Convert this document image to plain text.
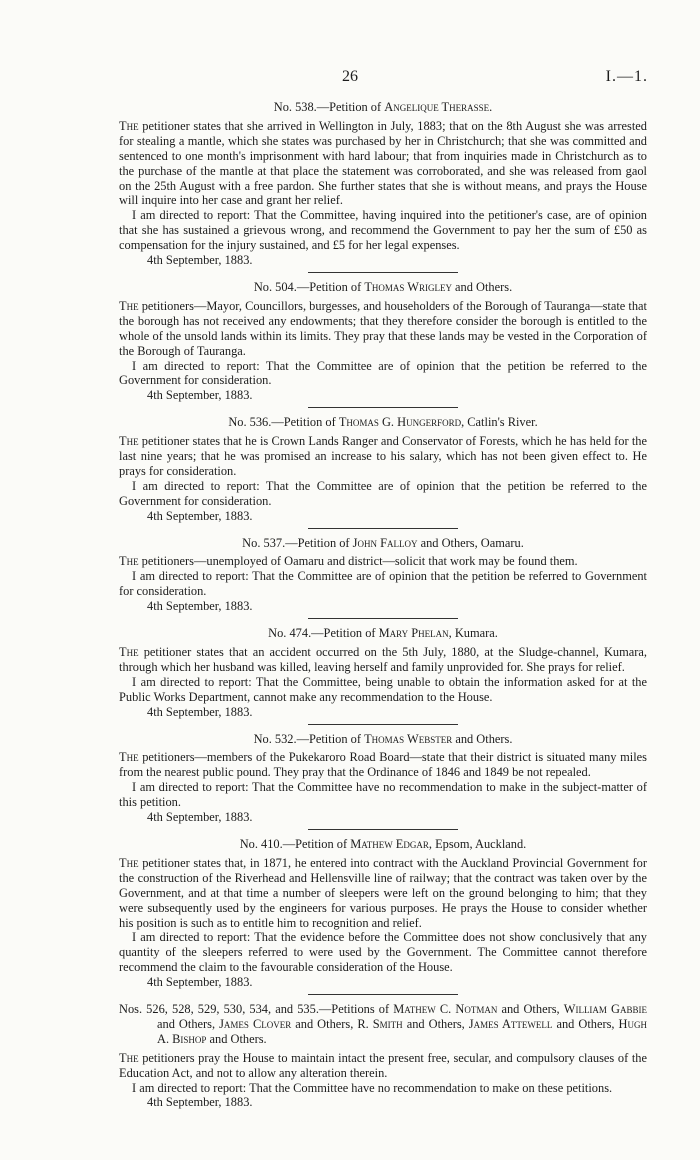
26	I.—1.
No. 538.—Petition of Angelique Therasse.

The petitioner states that she arrived in Wellington in July, 1883; that on the 8th August she was arrested for stealing a mantle, which she states was purchased by her in Christchurch; that she was committed and sentenced to one month's imprisonment with hard labour; that from inquiries made in Christchurch as to the purchase of the mantle at that place the statement was corroborated, and she was released from gaol on the 25th August with a free pardon. She further states that she is without means, and prays the House will inquire into her case and grant her relief.

I am directed to report: That the Committee, having inquired into the petitioner's case, are of opinion that she has sustained a grievous wrong, and recommend the Government to pay her the sum of £50 as compensation for the injury sustained, and £5 for her legal expenses.

4th September, 1883.

No. 504.—Petition of Thomas Wrigley and Others.

The petitioners—Mayor, Councillors, burgesses, and householders of the Borough of Tauranga—state that the borough has not received any endowments; that they therefore consider the borough is entitled to the whole of the unsold lands within its limits. They pray that these lands may be vested in the Corporation of the Borough of Tauranga.

I am directed to report: That the Committee are of opinion that the petition be referred to the Government for consideration.

4th September, 1883.

No. 536.—Petition of Thomas G. Hungerford, Catlin's River.

The petitioner states that he is Crown Lands Ranger and Conservator of Forests, which he has held for the last nine years; that he was promised an increase to his salary, which has not been given effect to. He prays for consideration.

I am directed to report: That the Committee are of opinion that the petition be referred to the Government for consideration.

4th September, 1883.

No. 537.—Petition of John Falloy and Others, Oamaru.

The petitioners—unemployed of Oamaru and district—solicit that work may be found them.

I am directed to report: That the Committee are of opinion that the petition be referred to Government for consideration.

4th September, 1883.

No. 474.—Petition of Mary Phelan, Kumara.

The petitioner states that an accident occurred on the 5th July, 1880, at the Sludge-channel, Kumara, through which her husband was killed, leaving herself and family unprovided for. She prays for relief.

I am directed to report: That the Committee, being unable to obtain the information asked for at the Public Works Department, cannot make any recommendation to the House.

4th September, 1883.

No. 532.—Petition of Thomas Webster and Others.

The petitioners—members of the Pukekaroro Road Board—state that their district is situated many miles from the nearest public pound. They pray that the Ordinance of 1846 and 1849 be not repealed.

I am directed to report: That the Committee have no recommendation to make in the subject-matter of this petition.

4th September, 1883.

No. 410.—Petition of Mathew Edgar, Epsom, Auckland.

The petitioner states that, in 1871, he entered into contract with the Auckland Provincial Government for the construction of the Riverhead and Hellensville line of railway; that the contract was taken over by the Government, and at that time a number of sleepers were left on the ground belonging to him; that they were subsequently used by the engineers for various purposes. He prays the House to consider whether his position is such as to entitle him to recognition and relief.

I am directed to report: That the evidence before the Committee does not show conclusively that any quantity of the sleepers referred to were used by the Government. The Committee cannot therefore recommend the claim to the favourable consideration of the House.

4th September, 1883.

Nos. 526, 528, 529, 530, 534, and 535.—Petitions of Mathew C. Notman and Others, William Gabbie and Others, James Clover and Others, R. Smith and Others, James Attewell and Others, Hugh A. Bishop and Others.

The petitioners pray the House to maintain intact the present free, secular, and compulsory clauses of the Education Act, and not to allow any alteration therein.

I am directed to report: That the Committee have no recommendation to make on these petitions.

4th September, 1883.
